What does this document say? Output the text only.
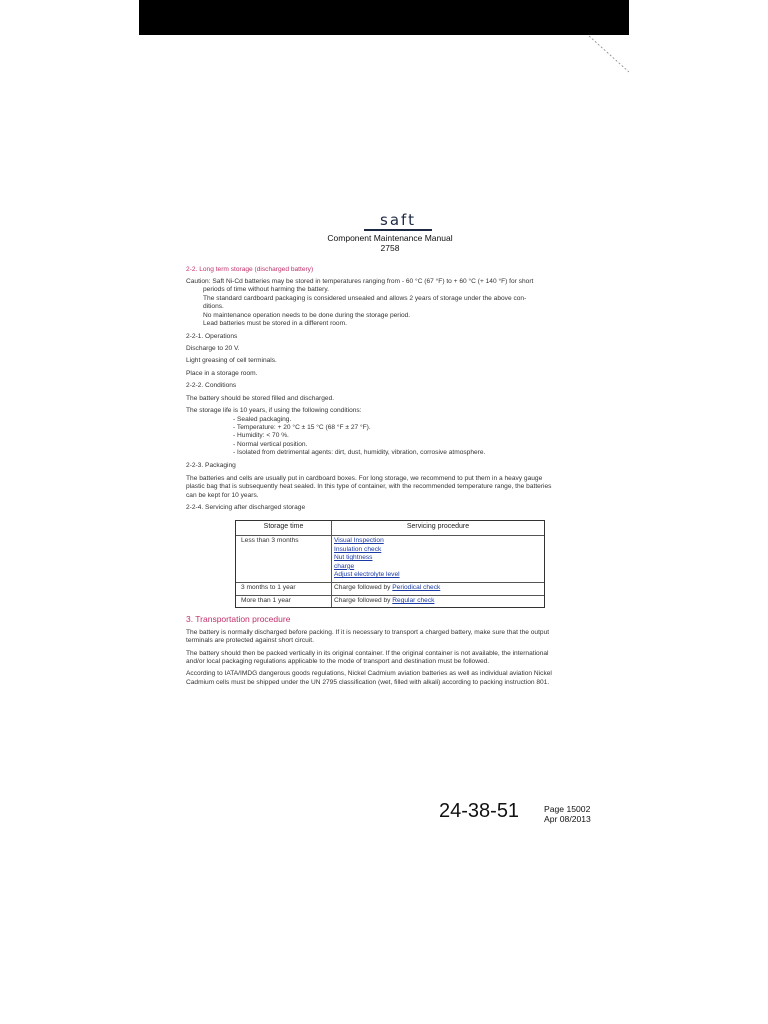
saft
Component Maintenance Manual
2758
2-2. Long term storage (discharged battery)
Caution: Saft Ni-Cd batteries may be stored in temperatures ranging from - 60 °C (67 °F) to + 60 °C (+ 140 °F) for short
periods of time without harming the battery.
The standard cardboard packaging is considered unsealed and allows 2 years of storage under the above con-
ditions.
No maintenance operation needs to be done during the storage period.
Lead batteries must be stored in a different room.
2-2-1. Operations
Discharge to 20 V.
Light greasing of cell terminals.
Place in a storage room.
2-2-2. Conditions
The battery should be stored filled and discharged.
The storage life is 10 years, if using the following conditions:
- Sealed packaging.
- Temperature: + 20 °C ± 15 °C (68 °F ± 27 °F).
- Humidity: < 70 %.
- Normal vertical position.
- Isolated from detrimental agents: dirt, dust, humidity, vibration, corrosive atmosphere.
2-2-3. Packaging
The batteries and cells are usually put in cardboard boxes. For long storage, we recommend to put them in a heavy gauge
plastic bag that is subsequently heat sealed. In this type of container, with the recommended temperature range, the batteries
can be kept for 10 years.
2-2-4. Servicing after discharged storage
Storage time	Servicing procedure
Less than 3 months	Visual Inspection
Insulation check
Nut tightness
charge
Adjust electrolyte level
3 months to 1 year	Charge followed by Periodical check
More than 1 year	Charge followed by Regular check
3. Transportation procedure
The battery is normally discharged before packing. If it is necessary to transport a charged battery, make sure that the output
terminals are protected against short circuit.
The battery should then be packed vertically in its original container. If the original container is not available, the international
and/or local packaging regulations applicable to the mode of transport and destination must be followed.
According to IATA/IMDG dangerous goods regulations, Nickel Cadmium aviation batteries as well as individual aviation Nickel
Cadmium cells must be shipped under the UN 2795 classification (wet, filled with alkali) according to packing instruction 801.
24-38-51	Page 15002
Apr 08/2013
